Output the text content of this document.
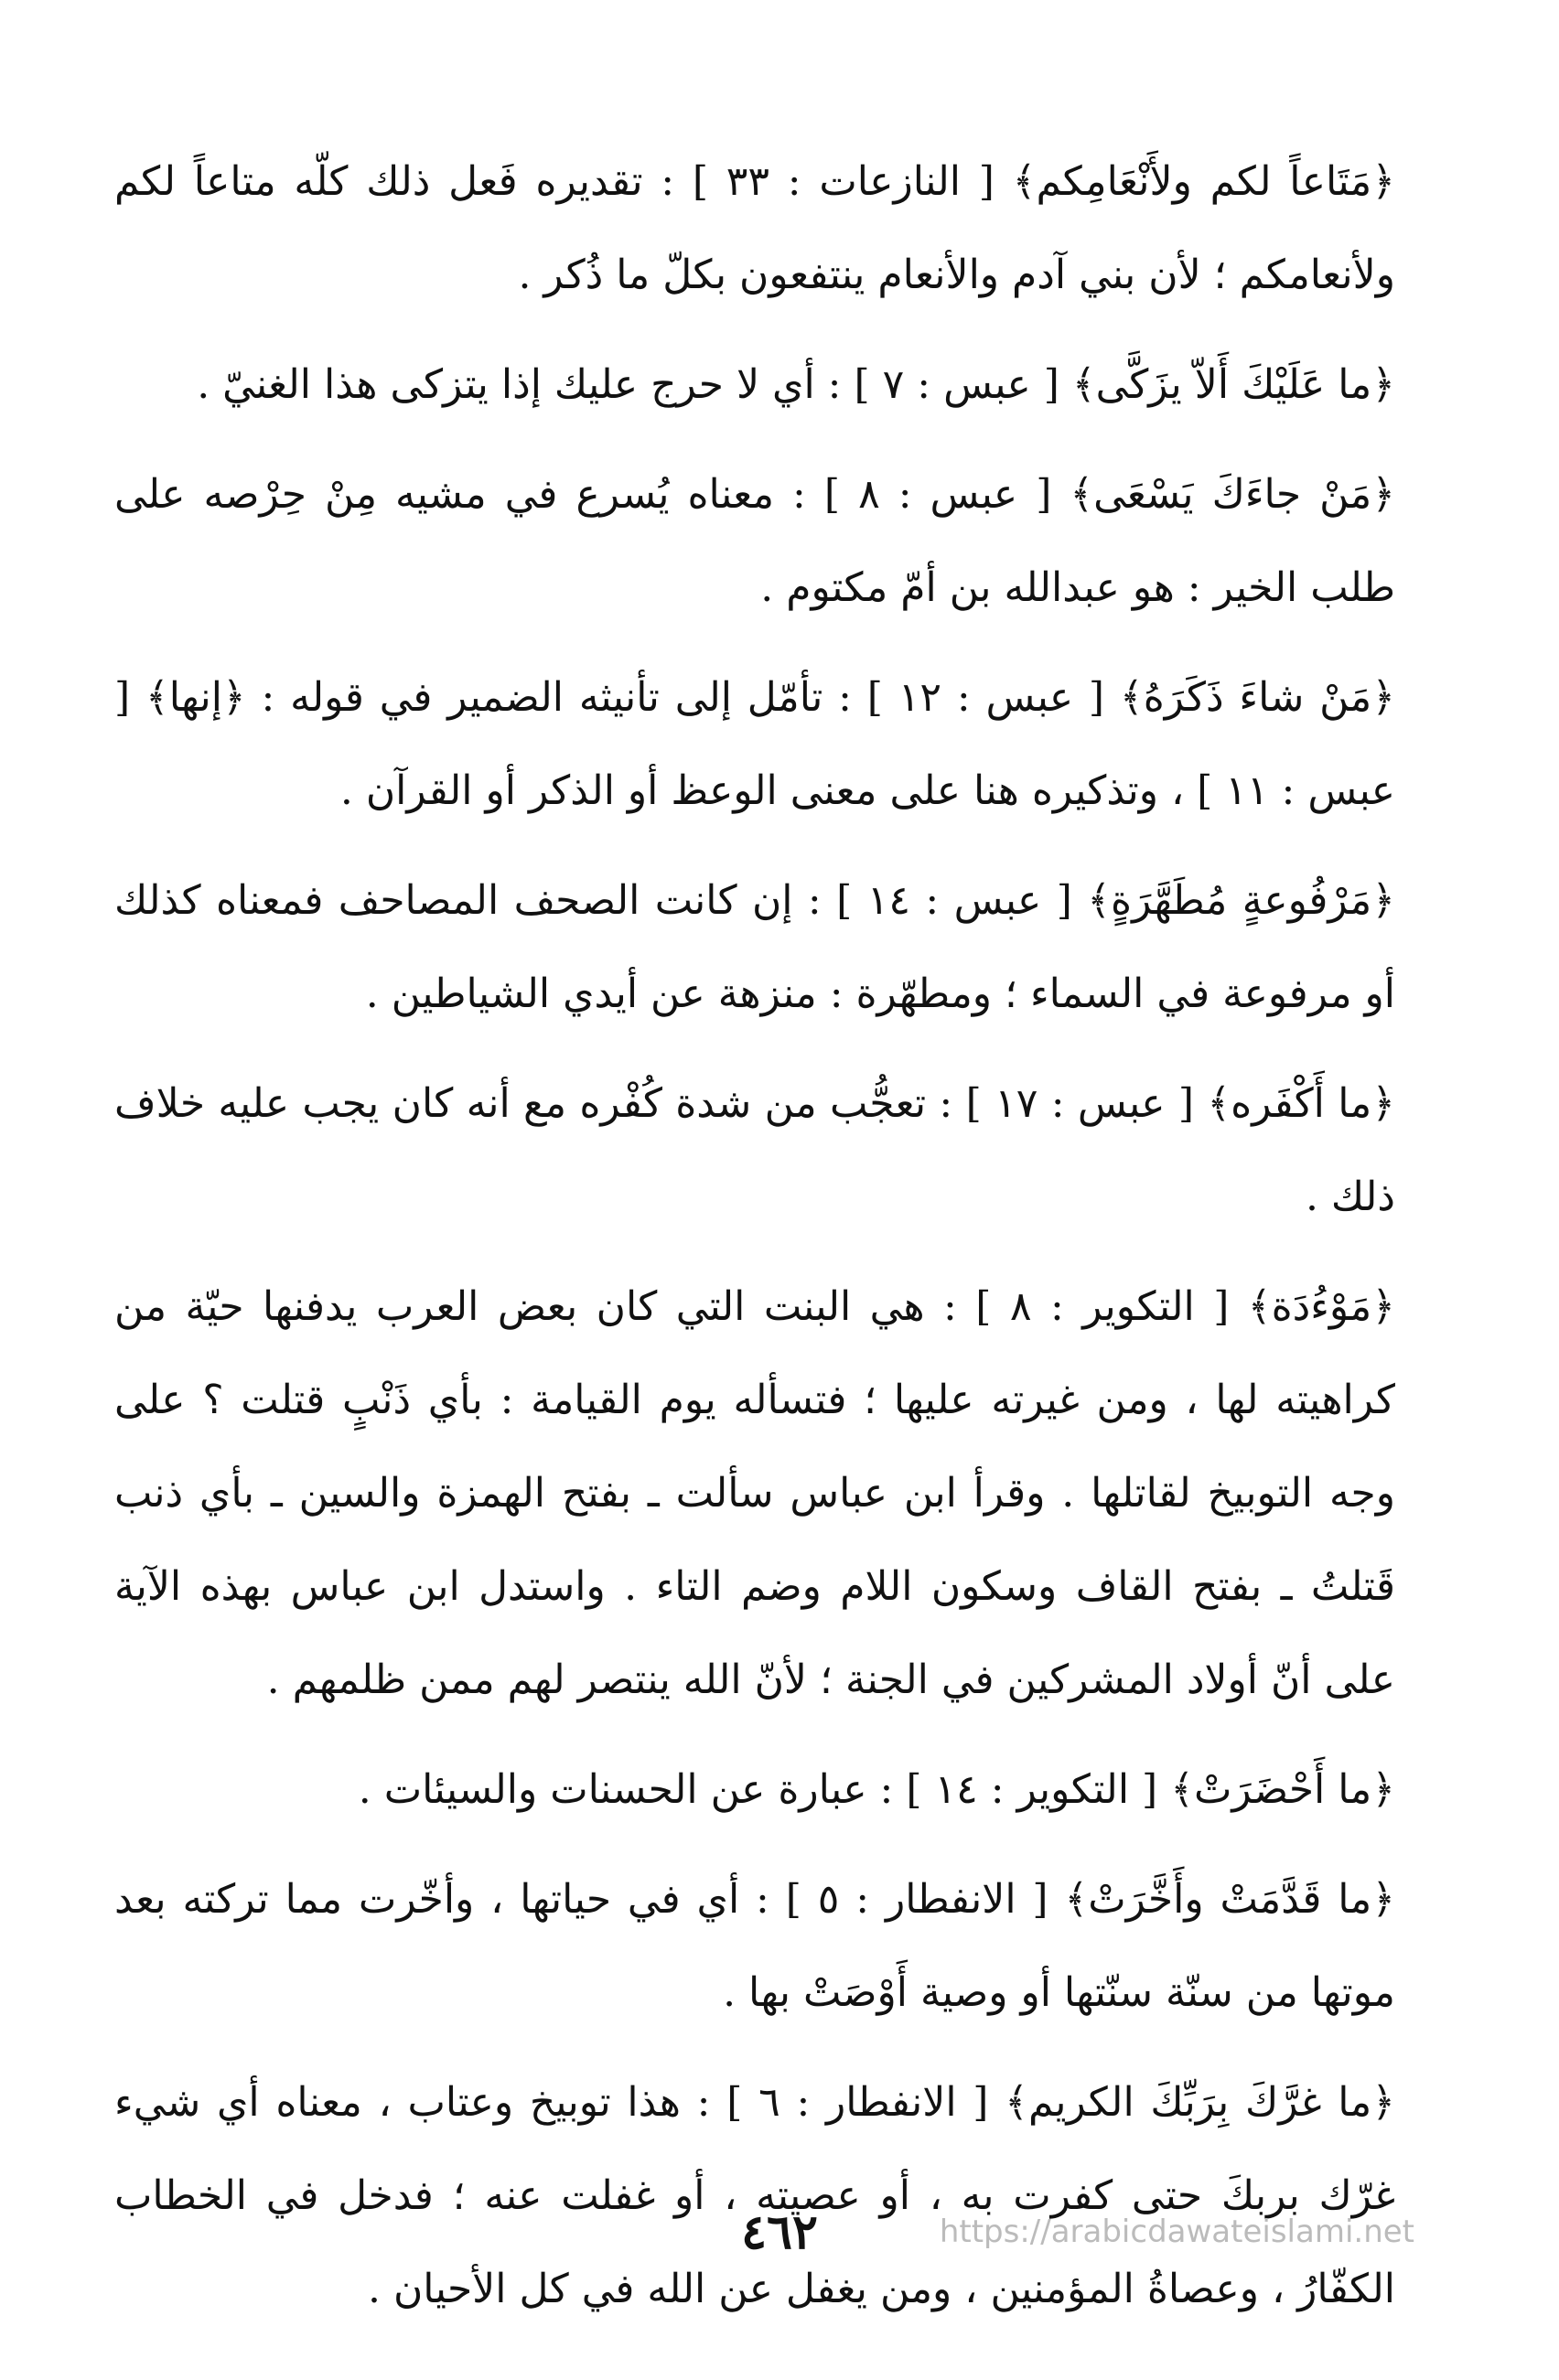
﴿مَتَاعاً لكم ولأَنْعَامِكم﴾ [ النازعات : ٣٣ ] : تقديره فَعل ذلك كلّه متاعاً لكم ولأنعامكم ؛ لأن بني آدم والأنعام ينتفعون بكلّ ما ذُكر .

﴿ما عَلَيْكَ أَلاّ يزَكَّى﴾ [ عبس : ٧ ] : أي لا حرج عليك إذا يتزكى هذا الغنيّ .

﴿مَنْ جاءَكَ يَسْعَى﴾ [ عبس : ٨ ] : معناه يُسرع في مشيه مِنْ حِرْصه على طلب الخير : هو عبدالله بن أمّ مكتوم .

﴿مَنْ شاءَ ذَكَرَهُ﴾ [ عبس : ١٢ ] : تأمّل إلى تأنيثه الضمير في قوله : ﴿إنها﴾ [ عبس : ١١ ] ، وتذكيره هنا على معنى الوعظ أو الذكر أو القرآن .

﴿مَرْفُوعةٍ مُطَهَّرَةٍ﴾ [ عبس : ١٤ ] : إن كانت الصحف المصاحف فمعناه كذلك أو مرفوعة في السماء ؛ ومطهّرة : منزهة عن أيدي الشياطين .

﴿ما أَكْفَره﴾ [ عبس : ١٧ ] : تعجُّب من شدة كُفْره مع أنه كان يجب عليه خلاف ذلك .

﴿مَوْءُدَة﴾ [ التكوير : ٨ ] : هي البنت التي كان بعض العرب يدفنها حيّة من كراهيته لها ، ومن غيرته عليها ؛ فتسأله يوم القيامة : بأي ذَنْبٍ قتلت ؟ على وجه التوبيخ لقاتلها . وقرأ ابن عباس سألت ـ بفتح الهمزة والسين ـ بأي ذنب قَتلتُ ـ بفتح القاف وسكون اللام وضم التاء . واستدل ابن عباس بهذه الآية على أنّ أولاد المشركين في الجنة ؛ لأنّ الله ينتصر لهم ممن ظلمهم .

﴿ما أَحْضَرَتْ﴾ [ التكوير : ١٤ ] : عبارة عن الحسنات والسيئات .

﴿ما قَدَّمَتْ وأَخَّرَتْ﴾ [ الانفطار : ٥ ] : أي في حياتها ، وأخّرت مما تركته بعد موتها من سنّة سنّتها أو وصية أَوْصَتْ بها .

﴿ما غرَّكَ بِرَبِّكَ الكريم﴾ [ الانفطار : ٦ ] : هذا توبيخ وعتاب ، معناه أي شيء غرّك بربكَ حتى كفرت به ، أو عصيته ، أو غفلت عنه ؛ فدخل في الخطاب الكفّارُ ، وعصاةُ المؤمنين ، ومن يغفل عن الله في كل الأحيان .

٤٦٢	https://arabicdawateislami.net
